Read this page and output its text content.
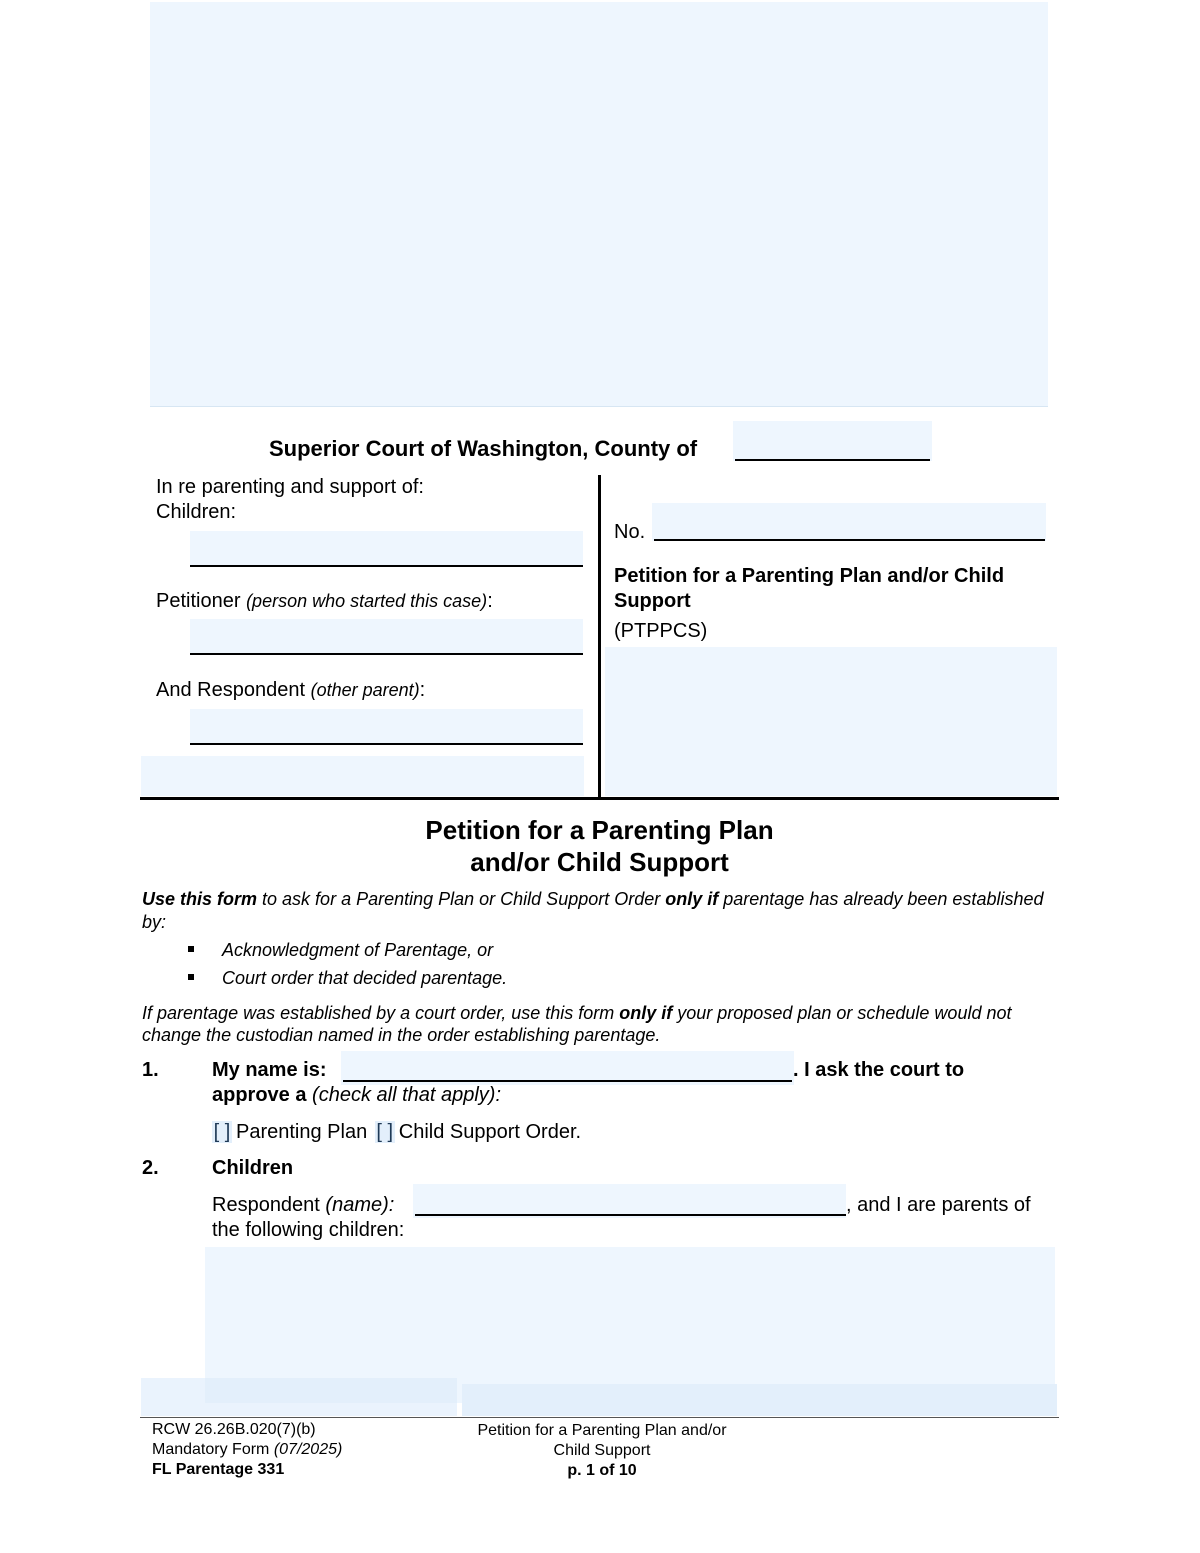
Superior Court of Washington, County of
In re parenting and support of:
Children:
Petitioner (person who started this case):
And Respondent (other parent):
No.
Petition for a Parenting Plan and/or Child
Support
(PTPPCS)
Petition for a Parenting Plan
and/or Child Support
Use this form to ask for a Parenting Plan or Child Support Order only if parentage has already been established
by:
Acknowledgment of Parentage, or
Court order that decided parentage.
If parentage was established by a court order, use this form only if your proposed plan or schedule would not
change the custodian named in the order establishing parentage.
1.	My name is:	. I ask the court to
approve a (check all that apply):
[ ] Parenting Plan [ ] Child Support Order.
2.	Children
Respondent (name):	, and I are parents of
the following children:
RCW 26.26B.020(7)(b)
Mandatory Form (07/2025)
FL Parentage 331
Petition for a Parenting Plan and/or
Child Support
p. 1 of 10
